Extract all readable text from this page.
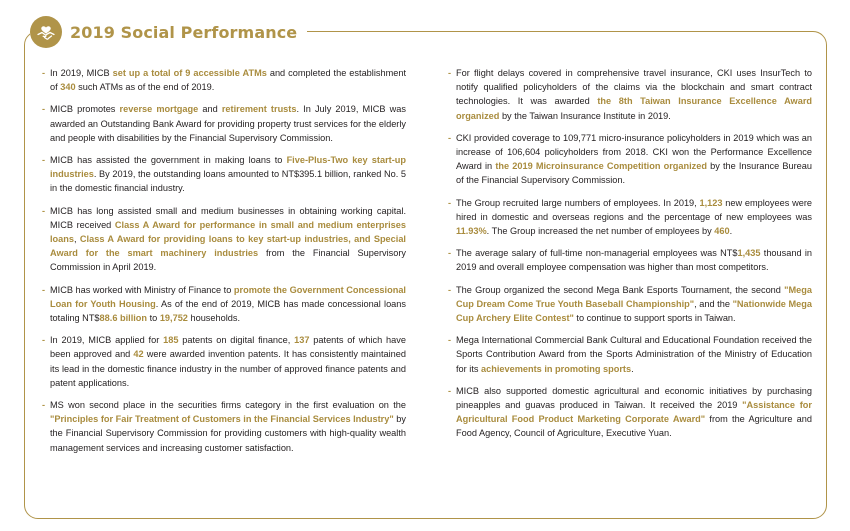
2019 Social Performance
- In 2019, MICB set up a total of 9 accessible ATMs and completed the establishment of 340 such ATMs as of the end of 2019.
- MICB promotes reverse mortgage and retirement trusts. In July 2019, MICB was awarded an Outstanding Bank Award for providing property trust services for the elderly and people with disabilities by the Financial Supervisory Commission.
- MICB has assisted the government in making loans to Five-Plus-Two key start-up industries. By 2019, the outstanding loans amounted to NT$395.1 billion, ranked No. 5 in the domestic financial industry.
- MICB has long assisted small and medium businesses in obtaining working capital. MICB received Class A Award for performance in small and medium enterprises loans, Class A Award for providing loans to key start-up industries, and Special Award for the smart machinery industries from the Financial Supervisory Commission in April 2019.
- MICB has worked with Ministry of Finance to promote the Government Concessional Loan for Youth Housing. As of the end of 2019, MICB has made concessional loans totaling NT$88.6 billion to 19,752 households.
- In 2019, MICB applied for 185 patents on digital finance, 137 patents of which have been approved and 42 were awarded invention patents. It has consistently maintained its lead in the domestic finance industry in the number of approved finance patents and patent applications.
- MS won second place in the securities firms category in the first evaluation on the "Principles for Fair Treatment of Customers in the Financial Services Industry" by the Financial Supervisory Commission for providing customers with high-quality wealth management services and increasing customer satisfaction.
- For flight delays covered in comprehensive travel insurance, CKI uses InsurTech to notify qualified policyholders of the claims via the blockchain and smart contract technologies. It was awarded the 8th Taiwan Insurance Excellence Award organized by the Taiwan Insurance Institute in 2019.
- CKI provided coverage to 109,771 micro-insurance policyholders in 2019 which was an increase of 106,604 policyholders from 2018. CKI won the Performance Excellence Award in the 2019 Microinsurance Competition organized by the Insurance Bureau of the Financial Supervisory Commission.
- The Group recruited large numbers of employees. In 2019, 1,123 new employees were hired in domestic and overseas regions and the percentage of new employees was 11.93%. The Group increased the net number of employees by 460.
- The average salary of full-time non-managerial employees was NT$1,435 thousand in 2019 and overall employee compensation was higher than most competitors.
- The Group organized the second Mega Bank Esports Tournament, the second "Mega Cup Dream Come True Youth Baseball Championship", and the "Nationwide Mega Cup Archery Elite Contest" to continue to support sports in Taiwan.
- Mega International Commercial Bank Cultural and Educational Foundation received the Sports Contribution Award from the Sports Administration of the Ministry of Education for its achievements in promoting sports.
- MICB also supported domestic agricultural and economic initiatives by purchasing pineapples and guavas produced in Taiwan. It received the 2019 "Assistance for Agricultural Food Product Marketing Corporate Award" from the Agriculture and Food Agency, Council of Agriculture, Executive Yuan.
